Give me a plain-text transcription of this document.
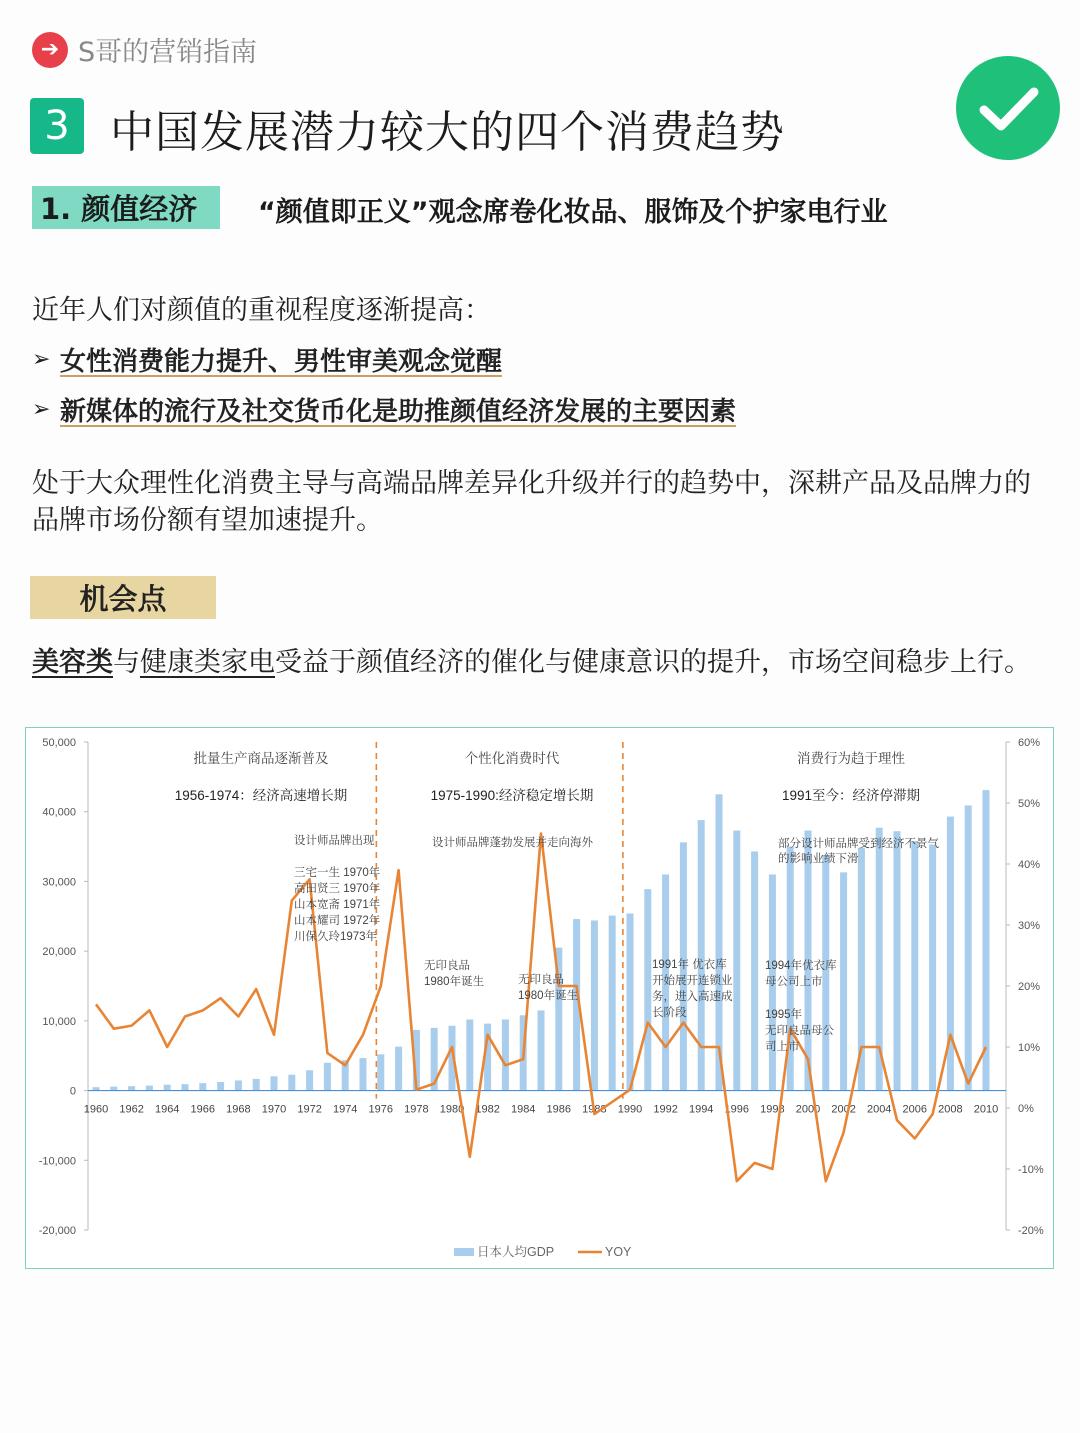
➔ S哥的营销指南
3 中国发展潜力较大的四个消费趋势
1. 颜值经济	“颜值即正义”观念席卷化妆品、服饰及个护家电行业
近年人们对颜值的重视程度逐渐提高：
➢ 女性消费能力提升、男性审美观念觉醒
➢ 新媒体的流行及社交货币化是助推颜值经济发展的主要因素
处于大众理性化消费主导与高端品牌差异化升级并行的趋势中，深耕产品及品牌力的品牌市场份额有望加速提升。
机会点
美容类与健康类家电受益于颜值经济的催化与健康意识的提升，市场空间稳步上行。
50,000
40,000
30,000
20,000
10,000
0
-10,000
-20,000
60%
50%
40%
30%
20%
10%
0%
-10%
-20%
1960 1962 1964 1966 1968 1970 1972 1974 1976 1978 1980 1982 1984 1986 1988 1990 1992 1994 1996 1998 2000 2002 2004 2006 2008 2010
批量生产商品逐渐普及
1956-1974：经济高速增长期
个性化消费时代
1975-1990:经济稳定增长期
消费行为趋于理性
1991至今：经济停滞期
设计师品牌出现
三宅一生 1970年
高田贤三 1970年
山本宽斋 1971年
山本耀司 1972年
川保久玲1973年
设计师品牌蓬勃发展并走向海外
无印良品
1980年诞生	无印良品
1980年诞生
1991年 优衣库
开始展开连锁业
务，进入高速成
长阶段
部分设计师品牌受到经济不景气
的影响业绩下滑
1994年优衣库
母公司上市
1995年
无印良品母公
司上市
日本人均GDP	YOY
